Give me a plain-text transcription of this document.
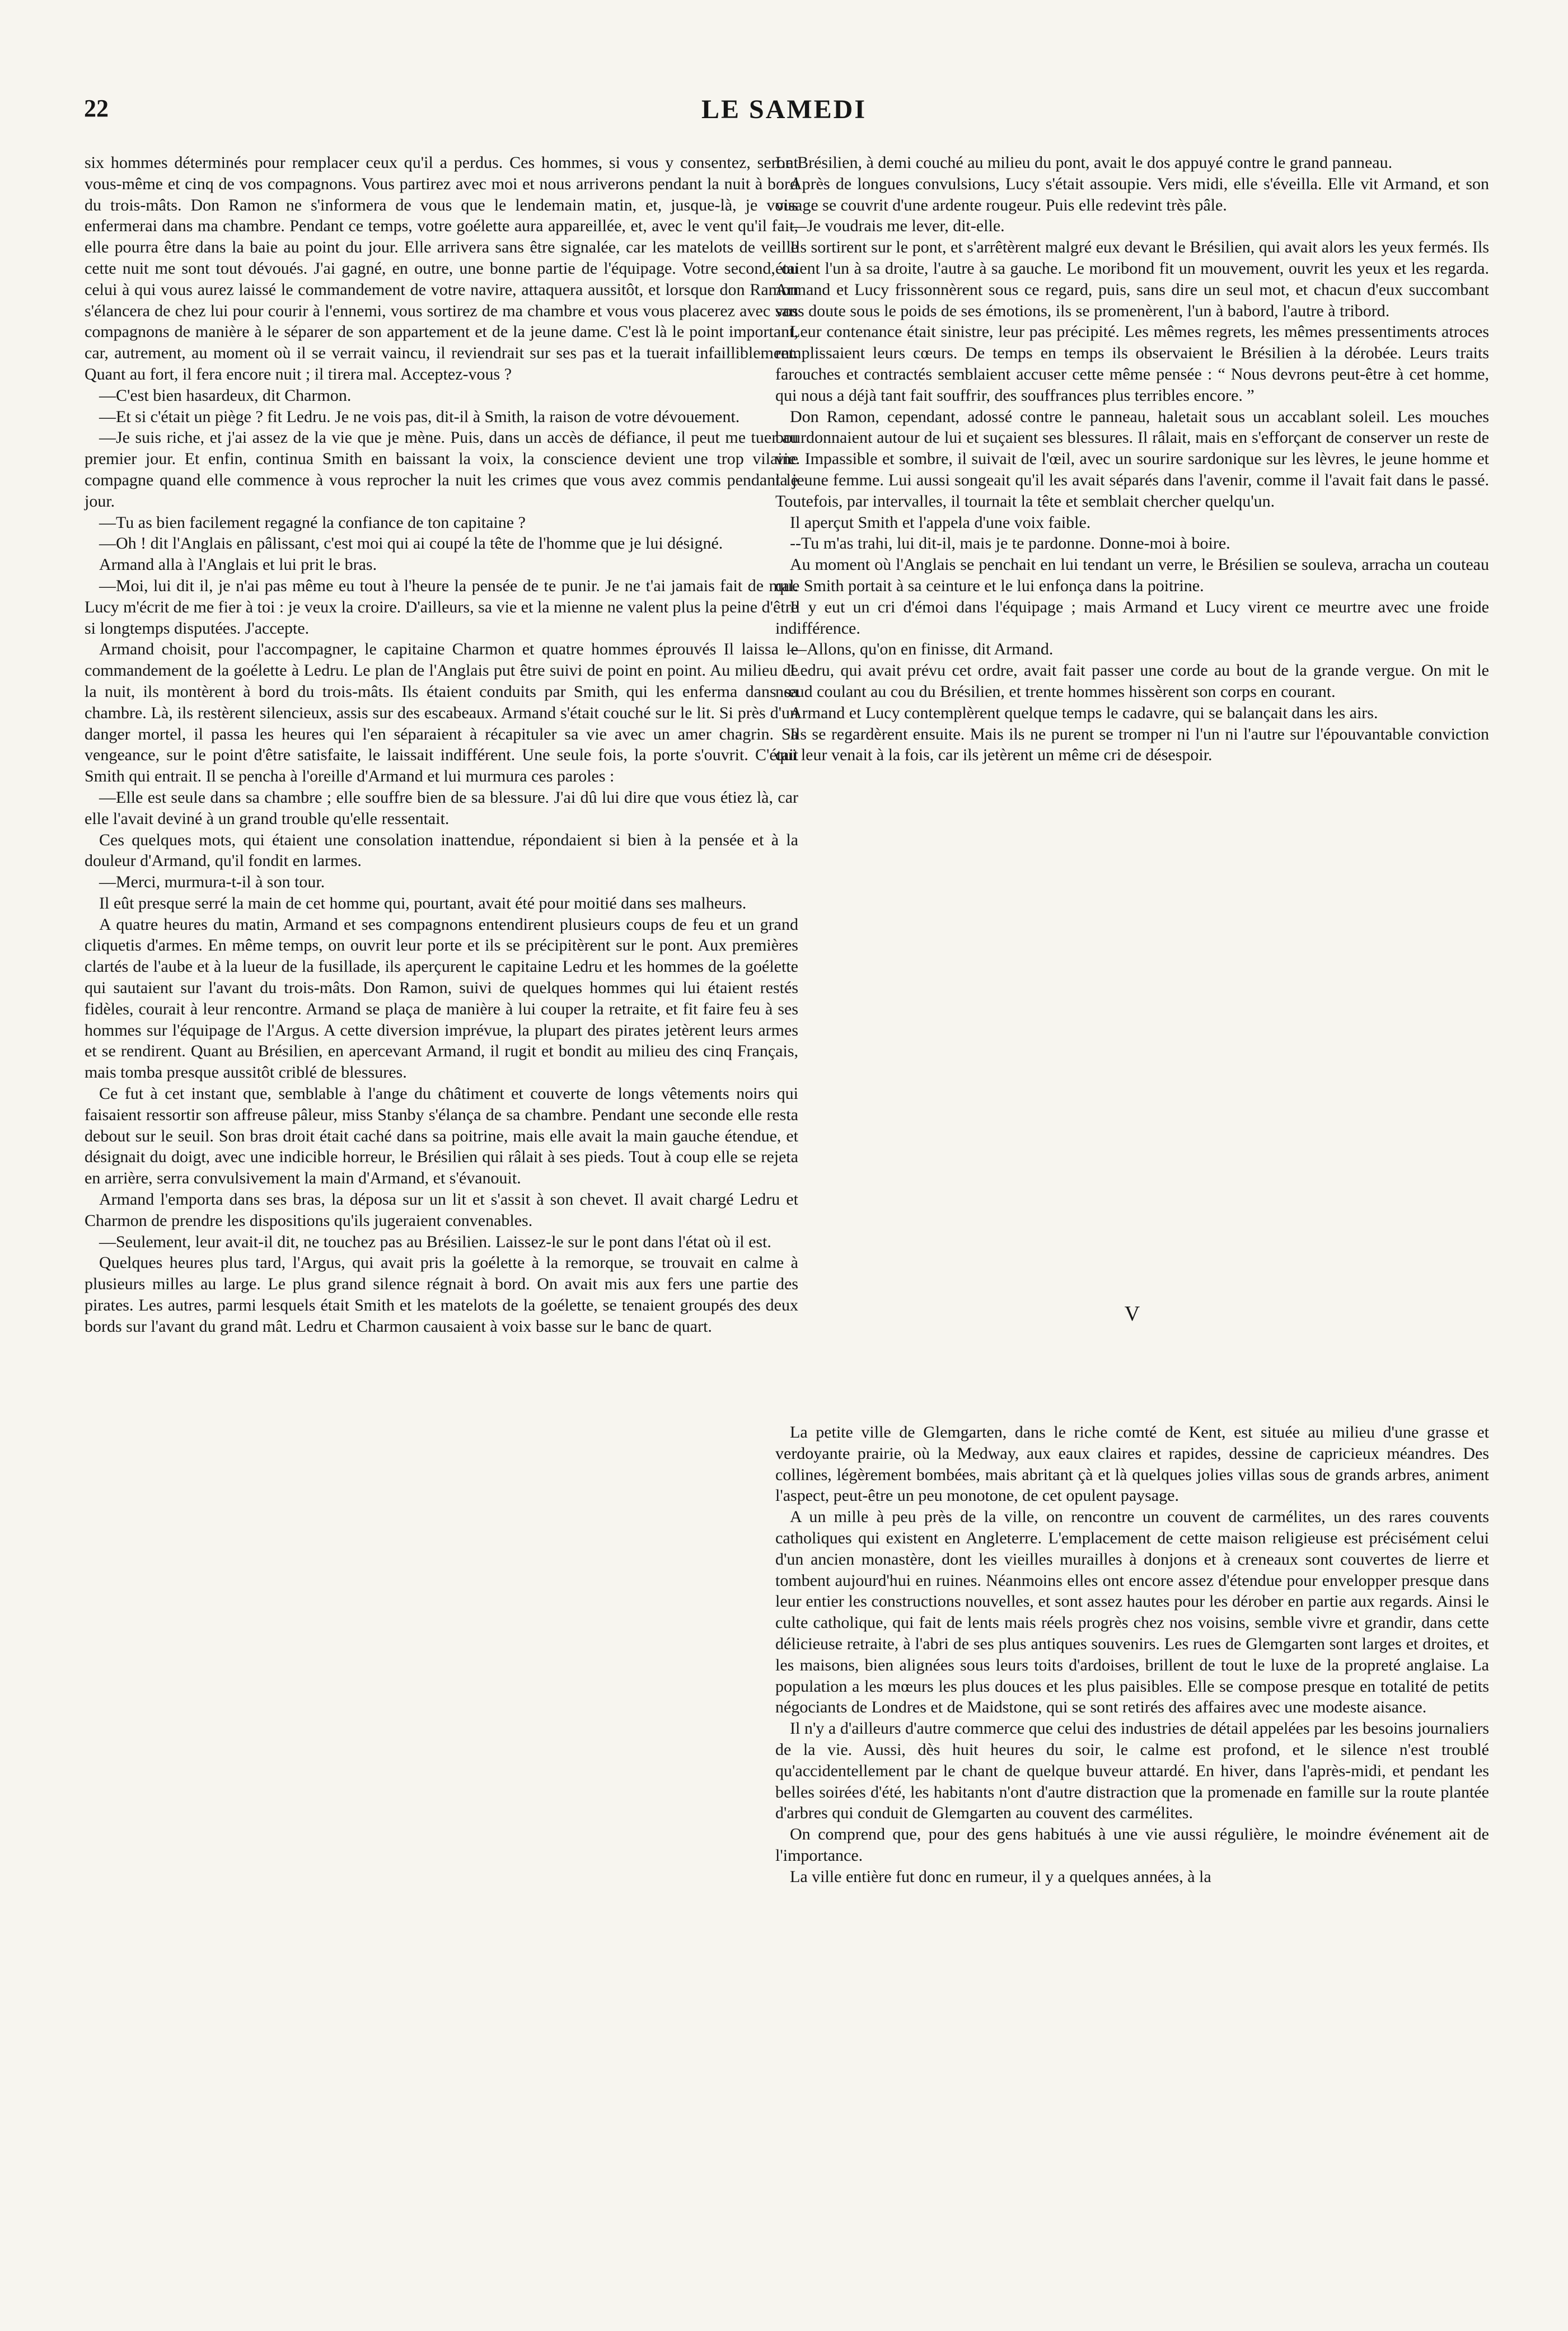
22	LE SAMEDI

six hommes déterminés pour remplacer ceux qu'il a perdus. Ces hommes, si vous y consentez, seront vous-même et cinq de vos compagnons. Vous partirez avec moi et nous arriverons pendant la nuit à bord du trois-mâts. Don Ramon ne s'informera de vous que le lendemain matin, et, jusque-là, je vous enfermerai dans ma chambre. Pendant ce temps, votre goélette aura appareillée, et, avec le vent qu'il fait, elle pourra être dans la baie au point du jour. Elle arrivera sans être signalée, car les matelots de veille cette nuit me sont tout dévoués. J'ai gagné, en outre, une bonne partie de l'équipage. Votre second, ou celui à qui vous aurez laissé le commandement de votre navire, attaquera aussitôt, et lorsque don Ramon s'élancera de chez lui pour courir à l'ennemi, vous sortirez de ma chambre et vous vous placerez avec vos compagnons de manière à le séparer de son appartement et de la jeune dame. C'est là le point important, car, autrement, au moment où il se verrait vaincu, il reviendrait sur ses pas et la tuerait infailliblement. Quant au fort, il fera encore nuit ; il tirera mal. Acceptez-vous ?

—C'est bien hasardeux, dit Charmon.

—Et si c'était un piège ? fit Ledru. Je ne vois pas, dit-il à Smith, la raison de votre dévouement.

—Je suis riche, et j'ai assez de la vie que je mène. Puis, dans un accès de défiance, il peut me tuer au premier jour. Et enfin, continua Smith en baissant la voix, la conscience devient une trop vilaine compagne quand elle commence à vous reprocher la nuit les crimes que vous avez commis pendant le jour.

—Tu as bien facilement regagné la confiance de ton capitaine ?

—Oh ! dit l'Anglais en pâlissant, c'est moi qui ai coupé la tête de l'homme que je lui désigné.

Armand alla à l'Anglais et lui prit le bras.

—Moi, lui dit il, je n'ai pas même eu tout à l'heure la pensée de te punir. Je ne t'ai jamais fait de mal. Lucy m'écrit de me fier à toi : je veux la croire. D'ailleurs, sa vie et la mienne ne valent plus la peine d'être si longtemps disputées. J'accepte.

Armand choisit, pour l'accompagner, le capitaine Charmon et quatre hommes éprouvés Il laissa le commandement de la goélette à Ledru. Le plan de l'Anglais put être suivi de point en point. Au milieu de la nuit, ils montèrent à bord du trois-mâts. Ils étaient conduits par Smith, qui les enferma dans sa chambre. Là, ils restèrent silencieux, assis sur des escabeaux. Armand s'était couché sur le lit. Si près d'un danger mortel, il passa les heures qui l'en séparaient à récapituler sa vie avec un amer chagrin. Sa vengeance, sur le point d'être satisfaite, le laissait indifférent. Une seule fois, la porte s'ouvrit. C'était Smith qui entrait. Il se pencha à l'oreille d'Armand et lui murmura ces paroles :

—Elle est seule dans sa chambre ; elle souffre bien de sa blessure. J'ai dû lui dire que vous étiez là, car elle l'avait deviné à un grand trouble qu'elle ressentait.

Ces quelques mots, qui étaient une consolation inattendue, répondaient si bien à la pensée et à la douleur d'Armand, qu'il fondit en larmes.

—Merci, murmura-t-il à son tour.

Il eût presque serré la main de cet homme qui, pourtant, avait été pour moitié dans ses malheurs.

A quatre heures du matin, Armand et ses compagnons entendirent plusieurs coups de feu et un grand cliquetis d'armes. En même temps, on ouvrit leur porte et ils se précipitèrent sur le pont. Aux premières clartés de l'aube et à la lueur de la fusillade, ils aperçurent le capitaine Ledru et les hommes de la goélette qui sautaient sur l'avant du trois-mâts. Don Ramon, suivi de quelques hommes qui lui étaient restés fidèles, courait à leur rencontre. Armand se plaça de manière à lui couper la retraite, et fit faire feu à ses hommes sur l'équipage de l'Argus. A cette diversion imprévue, la plupart des pirates jetèrent leurs armes et se rendirent. Quant au Brésilien, en apercevant Armand, il rugit et bondit au milieu des cinq Français, mais tomba presque aussitôt criblé de blessures.

Ce fut à cet instant que, semblable à l'ange du châtiment et couverte de longs vêtements noirs qui faisaient ressortir son affreuse pâleur, miss Stanby s'élança de sa chambre. Pendant une seconde elle resta debout sur le seuil. Son bras droit était caché dans sa poitrine, mais elle avait la main gauche étendue, et désignait du doigt, avec une indicible horreur, le Brésilien qui râlait à ses pieds. Tout à coup elle se rejeta en arrière, serra convulsivement la main d'Armand, et s'évanouit.

Armand l'emporta dans ses bras, la déposa sur un lit et s'assit à son chevet. Il avait chargé Ledru et Charmon de prendre les dispositions qu'ils jugeraient convenables.

—Seulement, leur avait-il dit, ne touchez pas au Brésilien. Laissez-le sur le pont dans l'état où il est.

Quelques heures plus tard, l'Argus, qui avait pris la goélette à la remorque, se trouvait en calme à plusieurs milles au large. Le plus grand silence régnait à bord. On avait mis aux fers une partie des pirates. Les autres, parmi lesquels était Smith et les matelots de la goélette, se tenaient groupés des deux bords sur l'avant du grand mât. Ledru et Charmon causaient à voix basse sur le banc de quart.

Le Brésilien, à demi couché au milieu du pont, avait le dos appuyé contre le grand panneau.

Après de longues convulsions, Lucy s'était assoupie. Vers midi, elle s'éveilla. Elle vit Armand, et son visage se couvrit d'une ardente rougeur. Puis elle redevint très pâle.

—Je voudrais me lever, dit-elle.

Ils sortirent sur le pont, et s'arrêtèrent malgré eux devant le Brésilien, qui avait alors les yeux fermés. Ils étaient l'un à sa droite, l'autre à sa gauche. Le moribond fit un mouvement, ouvrit les yeux et les regarda. Armand et Lucy frissonnèrent sous ce regard, puis, sans dire un seul mot, et chacun d'eux succombant sans doute sous le poids de ses émotions, ils se promenèrent, l'un à babord, l'autre à tribord.

Leur contenance était sinistre, leur pas précipité. Les mêmes regrets, les mêmes pressentiments atroces remplissaient leurs cœurs. De temps en temps ils observaient le Brésilien à la dérobée. Leurs traits farouches et contractés semblaient accuser cette même pensée : “ Nous devrons peut-être à cet homme, qui nous a déjà tant fait souffrir, des souffrances plus terribles encore. ”

Don Ramon, cependant, adossé contre le panneau, haletait sous un accablant soleil. Les mouches bourdonnaient autour de lui et suçaient ses blessures. Il râlait, mais en s'efforçant de conserver un reste de vie. Impassible et sombre, il suivait de l'œil, avec un sourire sardonique sur les lèvres, le jeune homme et la jeune femme. Lui aussi songeait qu'il les avait séparés dans l'avenir, comme il l'avait fait dans le passé. Toutefois, par intervalles, il tournait la tête et semblait chercher quelqu'un.

Il aperçut Smith et l'appela d'une voix faible.

--Tu m'as trahi, lui dit-il, mais je te pardonne. Donne-moi à boire.

Au moment où l'Anglais se penchait en lui tendant un verre, le Brésilien se souleva, arracha un couteau que Smith portait à sa ceinture et le lui enfonça dans la poitrine.

Il y eut un cri d'émoi dans l'équipage ; mais Armand et Lucy virent ce meurtre avec une froide indifférence.

—Allons, qu'on en finisse, dit Armand.

Ledru, qui avait prévu cet ordre, avait fait passer une corde au bout de la grande vergue. On mit le nœud coulant au cou du Brésilien, et trente hommes hissèrent son corps en courant.

Armand et Lucy contemplèrent quelque temps le cadavre, qui se balançait dans les airs.

Ils se regardèrent ensuite. Mais ils ne purent se tromper ni l'un ni l'autre sur l'épouvantable conviction qui leur venait à la fois, car ils jetèrent un même cri de désespoir.

V

La petite ville de Glemgarten, dans le riche comté de Kent, est située au milieu d'une grasse et verdoyante prairie, où la Medway, aux eaux claires et rapides, dessine de capricieux méandres. Des collines, légèrement bombées, mais abritant çà et là quelques jolies villas sous de grands arbres, animent l'aspect, peut-être un peu monotone, de cet opulent paysage.

A un mille à peu près de la ville, on rencontre un couvent de carmélites, un des rares couvents catholiques qui existent en Angleterre. L'emplacement de cette maison religieuse est précisément celui d'un ancien monastère, dont les vieilles murailles à donjons et à creneaux sont couvertes de lierre et tombent aujourd'hui en ruines. Néanmoins elles ont encore assez d'étendue pour envelopper presque dans leur entier les constructions nouvelles, et sont assez hautes pour les dérober en partie aux regards. Ainsi le culte catholique, qui fait de lents mais réels progrès chez nos voisins, semble vivre et grandir, dans cette délicieuse retraite, à l'abri de ses plus antiques souvenirs. Les rues de Glemgarten sont larges et droites, et les maisons, bien alignées sous leurs toits d'ardoises, brillent de tout le luxe de la propreté anglaise. La population a les mœurs les plus douces et les plus paisibles. Elle se compose presque en totalité de petits négociants de Londres et de Maidstone, qui se sont retirés des affaires avec une modeste aisance.

Il n'y a d'ailleurs d'autre commerce que celui des industries de détail appelées par les besoins journaliers de la vie. Aussi, dès huit heures du soir, le calme est profond, et le silence n'est troublé qu'accidentellement par le chant de quelque buveur attardé. En hiver, dans l'après-midi, et pendant les belles soirées d'été, les habitants n'ont d'autre distraction que la promenade en famille sur la route plantée d'arbres qui conduit de Glemgarten au couvent des carmélites.

On comprend que, pour des gens habitués à une vie aussi régulière, le moindre événement ait de l'importance.

La ville entière fut donc en rumeur, il y a quelques années, à la
